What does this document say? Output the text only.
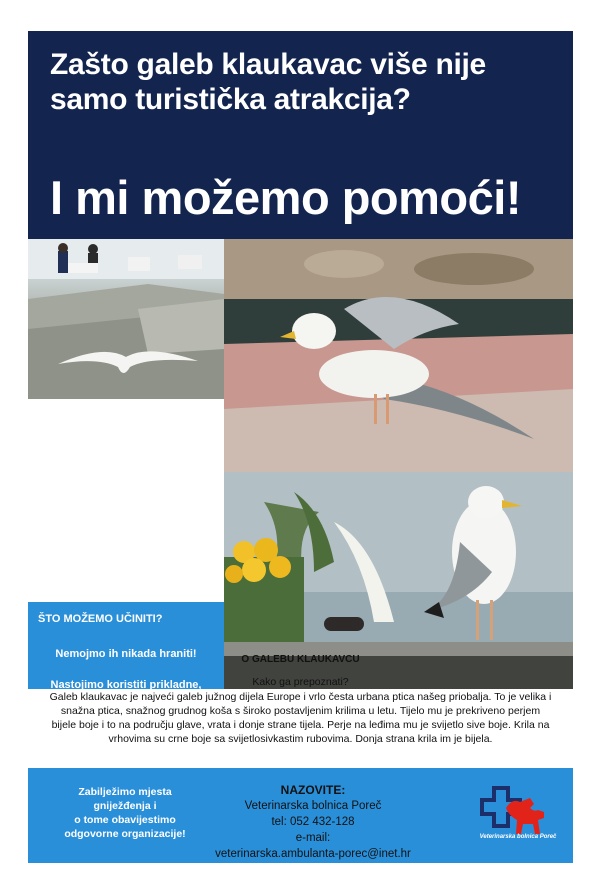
Zašto galeb klaukavac više nije
samo turistička atrakcija?
I mi možemo pomoći!
ŠTO MOŽEMO UČINITI?

Nemojmo ih nikada hraniti!

Nastojimo koristiti prikladne,

O GALEBU KLAUKAVCU
Kako ga prepoznati?
Galeb klaukavac je najveći galeb južnog dijela Europe i vrlo česta urbana ptica našeg priobalja. To je velika i
snažna ptica, snažnog grudnog koša s široko postavljenim krilima u letu. Tijelo mu je prekriveno perjem
bijele boje i to na području glave, vrata i donje strane tijela. Perje na leđima mu je svijetlo sive boje. Krila na
vrhovima su crne boje sa svijetlosivkastim rubovima. Donja strana krila im je bijela.
Zabilježimo mjesta
gniježđenja i
o tome obavijestimo
odgovorne organizacije!
NAZOVITE:
Veterinarska bolnica Poreč
tel: 052 432-128
e-mail:
veterinarska.ambulanta-porec@inet.hr
Veterinarska bolnica Poreč
